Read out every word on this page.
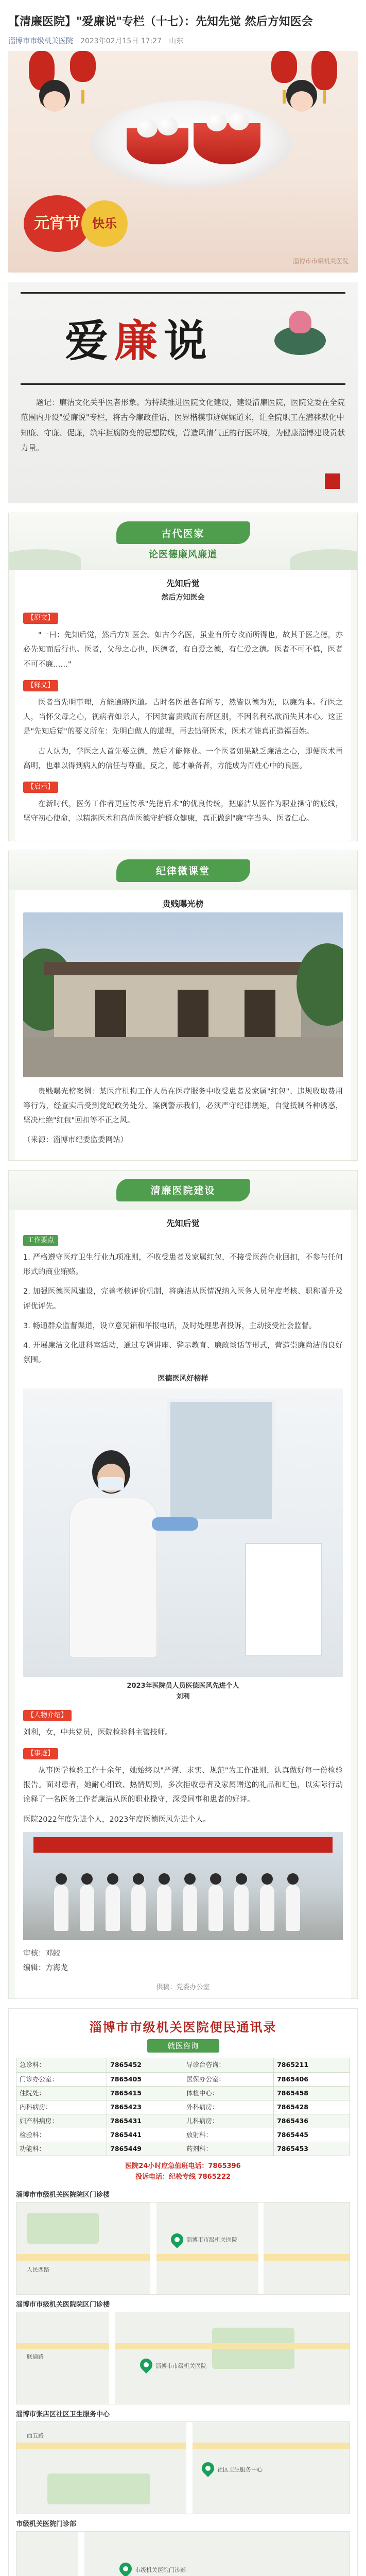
【清廉医院】"爱廉说"专栏（十七）：先知先觉 然后方知医会
淄博市市级机关医院 2023年02月15日 17:27 山东
元宵节 快乐
淄博市市级机关医院
爱廉说
题记：廉洁文化关乎医者形象。为持续推进医院文化建设，建设清廉医院，医院党委在全院范围内开设"爱廉说"专栏，将古今廉政佳话、医界楷模事迹娓娓道来，让全院职工在潜移默化中知廉、守廉、促廉，筑牢拒腐防变的思想防线，营造风清气正的行医环境，为健康淄博建设贡献力量。
古代医家
论医德廉风廉道
先知后觉
然后方知医会
【原文】
"一曰：先知后觉，然后方知医会。如古今名医，虽业有所专攻而所得也，故其于医之德，亦必先知而后行也。医者，父母之心也，医德者，有自爱之德，有仁爱之德。医者不可不慎，医者不可不廉……"
【释义】
医者当先明事理，方能通晓医道。古时名医虽各有所专，然皆以德为先，以廉为本。行医之人，当怀父母之心，视病者如亲人，不因贫富贵贱而有所区别，不因名利私欲而失其本心。这正是"先知后觉"的要义所在：先明白做人的道理，再去钻研医术，医术才能真正造福百姓。
古人认为，学医之人首先要立德，然后才能修业。一个医者如果缺乏廉洁之心，即便医术再高明，也难以得到病人的信任与尊重。反之，德才兼备者，方能成为百姓心中的良医。
【启示】
在新时代，医务工作者更应传承"先德后术"的优良传统，把廉洁从医作为职业操守的底线，坚守初心使命，以精湛医术和高尚医德守护群众健康，真正做到"廉"字当头、医者仁心。
纪律微课堂
贵贱曝光榜
贵贱曝光榜案例：某医疗机构工作人员在医疗服务中收受患者及家属"红包"、违规收取费用等行为，经查实后受到党纪政务处分。案例警示我们，必须严守纪律规矩，自觉抵制各种诱惑，坚决杜绝"红包"回扣等不正之风。
（来源：淄博市纪委监委网站）
清廉医院建设
先知后觉
工作要点
1. 严格遵守医疗卫生行业九项准则，不收受患者及家属红包，不接受医药企业回扣，不参与任何形式的商业贿赂。
2. 加强医德医风建设，完善考核评价机制，将廉洁从医情况纳入医务人员年度考核、职称晋升及评优评先。
3. 畅通群众监督渠道，设立意见箱和举报电话，及时处理患者投诉，主动接受社会监督。
4. 开展廉洁文化进科室活动，通过专题讲座、警示教育、廉政谈话等形式，营造崇廉尚洁的良好氛围。
医德医风好榜样
2023年医院员人员医德医风先进个人
刘利
【人物介绍】
刘利，女，中共党员，医院检验科主管技师。
【事迹】
从事医学检验工作十余年，她始终以"严谨、求实、规范"为工作准则，认真做好每一份检验报告。面对患者，她耐心细致、热情周到，多次拒收患者及家属赠送的礼品和红包，以实际行动诠释了一名医务工作者廉洁从医的职业操守，深受同事和患者的好评。
医院2022年度先进个人，2023年度医德医风先进个人。
审核：邓蛟
编辑：方海龙
供稿：党委办公室
淄博市市级机关医院便民通讯录
就医咨询
急诊科：	7865452	导诊台咨询：	7865211
门诊办公室：	7865405	医保办公室：	7865406
住院处：	7865415	体检中心：	7865458
内科病房：	7865423	外科病房：	7865428
妇产科病房：	7865431	儿科病房：	7865436
检验科：	7865441	放射科：	7865445
功能科：	7865449	药剂科：	7865453
医院24小时应急值班电话：7865396
投诉电话：纪检专线 7865222
淄博市市级机关医院院区门诊楼
淄博市市级机关医院
人民西路
淄博市市级机关医院院区门诊楼
淄博市市级机关医院
联通路
淄博市张店区社区卫生服务中心
社区卫生服务中心
西五路
市级机关医院门诊部
市级机关医院门诊部
